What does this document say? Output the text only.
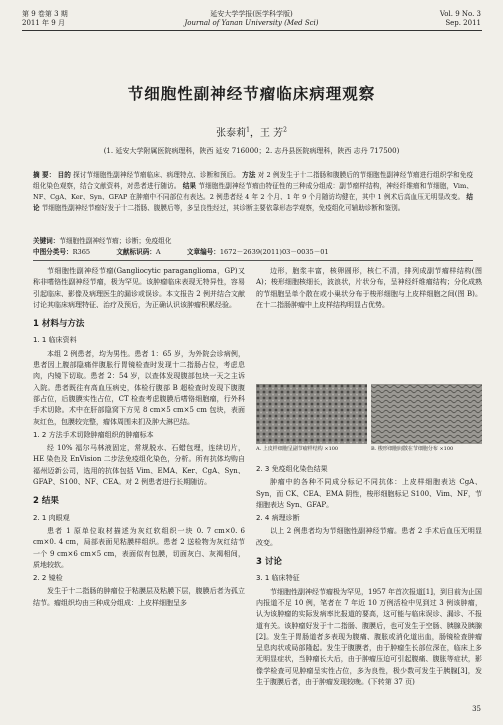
第 9 卷第 3 期
2011 年 9 月
延安大学学报(医学科学版)
Journal of Yanan University (Med Sci)
Vol. 9 No. 3
Sep. 2011
节细胞性副神经节瘤临床病理观察
张泰莉$^1$，王 芳$^2$
(1. 延安大学附属医院病理科，陕西 延安 716000；2. 志丹县医院病理科，陕西 志丹 717500)
摘 要： 目的 探讨节细胞性副神经节瘤临床、病理特点、诊断和预后。 方法 对 2 例发生于十二指肠和腹膜后的节细胞性副神经节瘤进行组织学和免疫组化染色观察，结合文献资料，对患者进行随访。 结果 节细胞性副神经节瘤由特征性的三种成分组成：副节瘤样结构，神经纤维瘤和节细胞，Vim、NF、CgA、Ker、Syn、GFAP 在肿瘤中不同部位有表达。2 例患者经 4 年 2 个月、1 年 9 个月随访均健在，其中 1 例术后高血压无明显改变。 结论 节细胞性副神经节瘤好发于十二指肠、腹膜后等，多呈良性经过，其诊断主要依靠形态学观察，免疫组化可辅助诊断和鉴别。
关键词：节细胞性副神经节瘤；诊断；免疫组化
中图分类号：R365	文献标识码：A	文章编号：1672－2639(2011)03－0035－01

节细胞性副神经节瘤(Gangliocytic paraganglioma，GP)又称非嗜铬性副神经节瘤，极为罕见。该肿瘤临床表现无特异性，容易引起临床、影像及病理医生的漏诊或误诊。本文报告 2 例并结合文献讨论其临床病理特征、治疗及预后，为正确认识该肿瘤积累经验。

1 材料与方法
1. 1 临床资料

本组 2 例患者，均为男性。患者 1：65 岁，为外院会诊病例，患者因上腹部隐痛伴腹胀行胃镜检查时发现十二指肠占位，考虑息肉，内镜下切取。患者 2：54 岁，以查体发现腹部包块一天之主诉入院。患者既往有高血压病史，体检行腹部 B 超检查时发现下腹腹部占位，后腹膜实性占位，CT 检查考虑腹膜后嗜铬细胞瘤，行外科手术切除。术中在肝部隐窝下方见 8 cm×5 cm×5 cm 包块，表面灰红色，包膜较完整，瘤体周围未扪及肿大淋巴结。

1. 2 方法手术切除肿瘤组织的肿瘤标本

经 10% 福尔马林液固定，常规脱水、石蜡包埋，连续切片，HE 染色及 EnVision 二步法免疫组化染色，分析。所有抗体均购自福州迈新公司，选用的抗体包括 Vim、EMA、Ker、CgA、Syn、GFAP、S100、NF、CEA。对 2 例患者进行长期随访。

2 结果
2. 1 肉眼观

患者 1 原单位取材描述为灰红软组织一块 0. 7 cm×0. 6 cm×0. 4 cm，局部表面见粘膜样组织。患者 2 送检物为灰红结节一个 9 cm×6 cm×5 cm，表面似有包膜，切面灰白、灰褐相间，质地较软。

2. 2 镜检

发生于十二指肠的肿瘤位于粘膜层及粘膜下层，腹膜后者为孤立结节。瘤组织均由三种成分组成：上皮样细胞呈多

边形，胞浆丰富，核卵圆形，核仁不清，排列成副节瘤样结构(图 A)；梭形细胞核细长，波浪状，片状分布，呈神经纤维瘤结构；分化成熟的节细胞呈单个散在或小巢状分布于梭形细胞与上皮样细胞之间(图 B)。在十二指肠肿瘤中上皮样结构明显占优势。

A. 上皮样细胞呈副节瘤样结构 ×100	B. 梭形细胞间散在节细胞分布 ×100
2. 3 免疫组化染色结果

肿瘤中的各种不同成分标记不同抗体：上皮样细胞表达 CgA、Syn，而 CK、CEA、EMA 阴性，梭形细胞标记 S100、Vim、NF，节细胞表达 Syn、GFAP。

2. 4 病理诊断

以上 2 例患者均为节细胞性副神经节瘤。患者 2 手术后血压无明显改变。

3 讨论
3. 1 临床特征

节细胞性副神经节瘤极为罕见，1957 年首次报道[1]，到目前为止国内报道不足 10 例，笔者在 7 年近 10 万例活检中见到过 3 例该肿瘤，认为该肿瘤的实际发病率比报道的要高，这可能与临床误诊、漏诊、不报道有关。该肿瘤好发于十二指肠、腹膜后，也可发生于空肠、胰腺及胰腺[2]。发生于胃肠道者多表现为腹痛、腹胀或消化道出血，肠镜检查肿瘤呈息肉状或局部隆起。发生于腹膜者，由于肿瘤生长部位深在，临床上多无明显症状，当肿瘤长大后，由于肿瘤压迫可引起腹痛、腹胀等症状，影像学检查可见肿瘤呈实性占位，多为良性，极少数可发生于胰腺[3]，发生于腹膜后者，由于肿瘤发现较晚。(下转第 37 页)

35
